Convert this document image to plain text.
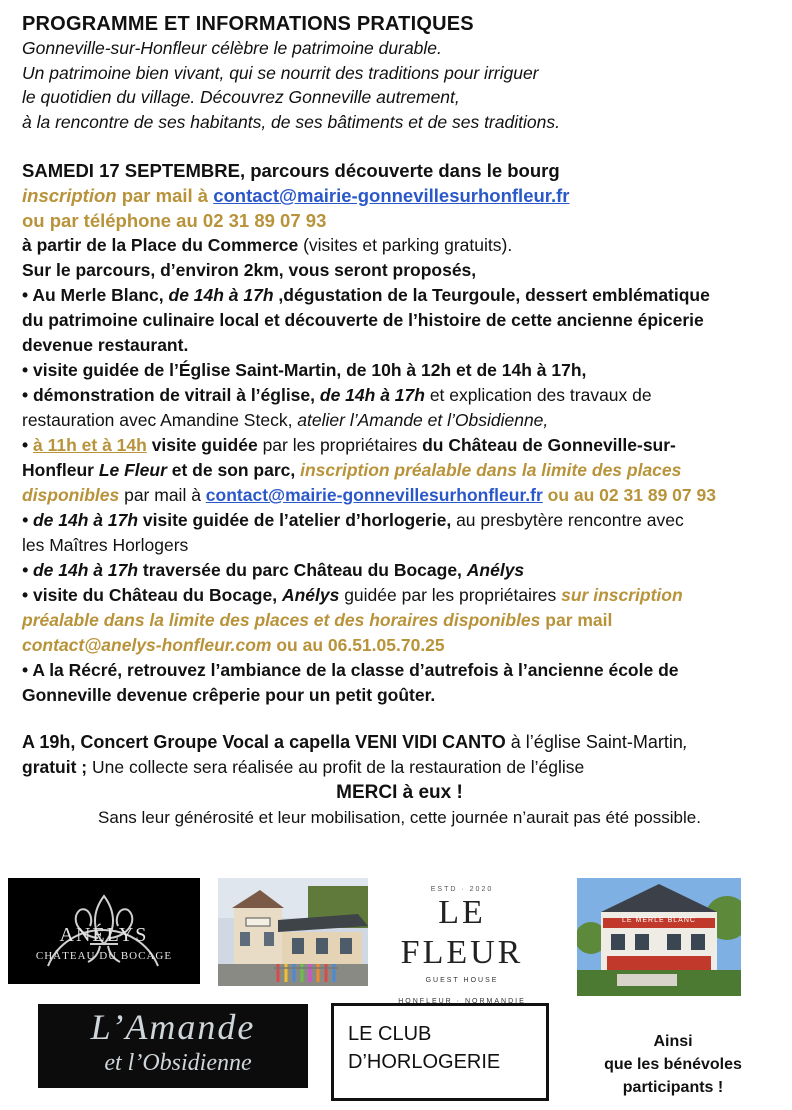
PROGRAMME ET INFORMATIONS PRATIQUES
Gonneville-sur-Honfleur célèbre le patrimoine durable.
Un patrimoine bien vivant, qui se nourrit des traditions pour irriguer
le quotidien du village. Découvrez Gonneville autrement,
à la rencontre de ses habitants, de ses bâtiments et de ses traditions.
SAMEDI 17 SEPTEMBRE, parcours découverte dans le bourg
inscription par mail à contact@mairie-gonnevillesurhonfleur.fr
ou par téléphone au 02 31 89 07 93
à partir de la Place du Commerce (visites et parking gratuits).
Sur le parcours, d’environ 2km, vous seront proposés,
• Au Merle Blanc, de 14h à 17h ,dégustation de la Teurgoule, dessert emblématique
du patrimoine culinaire local et découverte de l’histoire de cette ancienne épicerie
devenue restaurant.
• visite guidée de l’Église Saint-Martin, de 10h à 12h et de 14h à 17h,
• démonstration de vitrail à l’église, de 14h à 17h et explication des travaux de
restauration avec Amandine Steck, atelier l’Amande et l’Obsidienne,
• à 11h et à 14h visite guidée par les propriétaires du Château de Gonneville-sur-
Honfleur Le Fleur et de son parc, inscription préalable dans la limite des places
disponibles par mail à contact@mairie-gonnevillesurhonfleur.fr ou au 02 31 89 07 93
• de 14h à 17h visite guidée de l’atelier d’horlogerie, au presbytère rencontre avec
les Maîtres Horlogers
• de 14h à 17h traversée du parc Château du Bocage, Anélys
• visite du Château du Bocage, Anélys guidée par les propriétaires sur inscription
préalable dans la limite des places et des horaires disponibles par mail
contact@anelys-honfleur.com ou au 06.51.05.70.25
• A la Récré, retrouvez l’ambiance de la classe d’autrefois à l’ancienne école de
Gonneville devenue crêperie pour un petit goûter.
A 19h, Concert Groupe Vocal a capella VENI VIDI CANTO à l’église Saint-Martin,
gratuit ; Une collecte sera réalisée au profit de la restauration de l’église
MERCI à eux !
Sans leur générosité et leur mobilisation, cette journée n’aurait pas été possible.
ANÉLYS
CHÂTEAU DU BOCAGE
ESTD · 2020
LE FLEUR
GUEST HOUSE
HONFLEUR · NORMANDIE
LE MERLE BLANC
L’Amande
et l’Obsidienne
LE CLUB
D’HORLOGERIE
Ainsi
que les bénévoles
participants !
